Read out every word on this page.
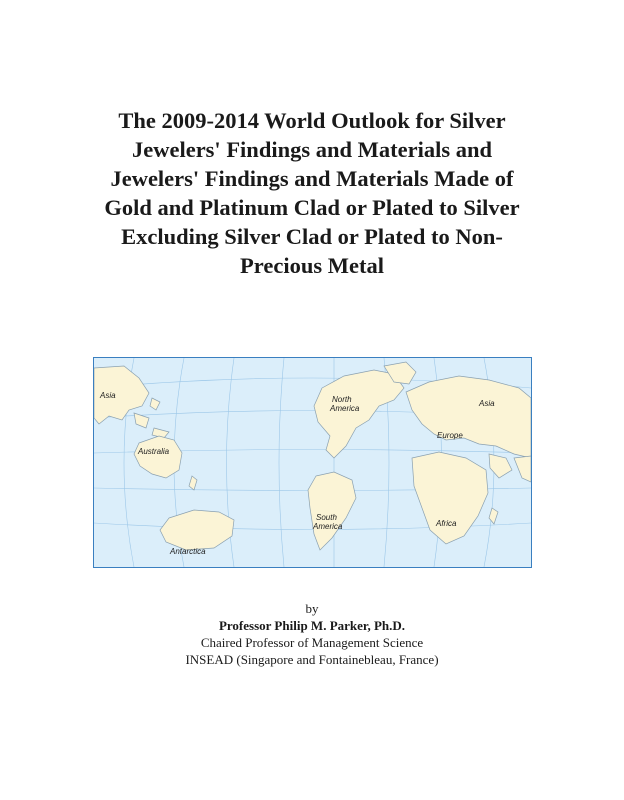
The 2009-2014 World Outlook for Silver
Jewelers' Findings and Materials and
Jewelers' Findings and Materials Made of
Gold and Platinum Clad or Plated to Silver
Excluding Silver Clad or Plated to Non-
Precious Metal
Asia	North
America
Asia
Europe
Australia
South
America	Africa
Antarctica
by
Professor Philip M. Parker, Ph.D.
Chaired Professor of Management Science
INSEAD (Singapore and Fontainebleau, France)
